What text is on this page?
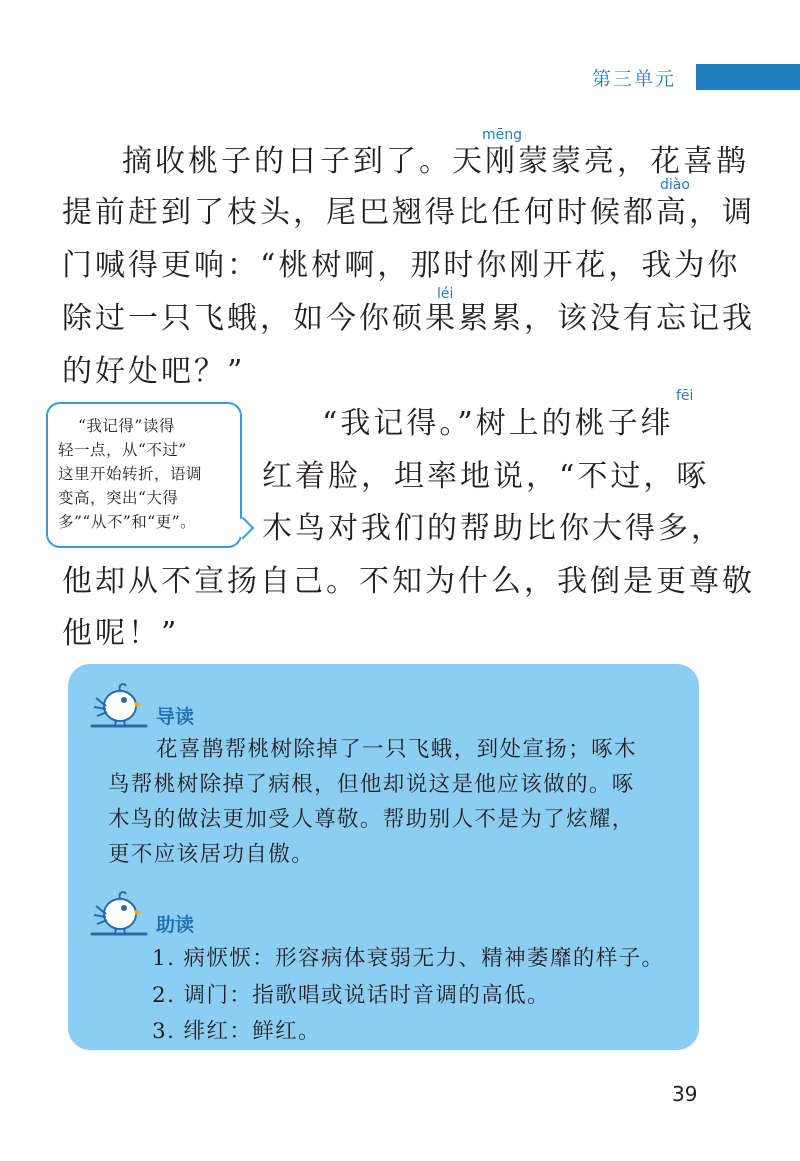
第三单元
mēng
diào
léi
fēi
摘收桃子的日子到了。天刚蒙蒙亮，花喜鹊
提前赶到了枝头，尾巴翘得比任何时候都高，调
门喊得更响：“桃树啊，那时你刚开花，我为你
除过一只飞蛾，如今你硕果累累，该没有忘记我
的好处吧？”
“我记得。”树上的桃子绯
红着脸，坦率地说，“不过，啄
木鸟对我们的帮助比你大得多，
他却从不宣扬自己。不知为什么，我倒是更尊敬
他呢！”
“我记得”读得
轻一点，从“不过”
这里开始转折，语调
变高，突出“大得
多”“从不”和“更”。
导读
花喜鹊帮桃树除掉了一只飞蛾，到处宣扬；啄木
鸟帮桃树除掉了病根，但他却说这是他应该做的。啄
木鸟的做法更加受人尊敬。帮助别人不是为了炫耀，
更不应该居功自傲。
助读
1. 病恹恹：形容病体衰弱无力、精神萎靡的样子。
2. 调门：指歌唱或说话时音调的高低。
3. 绯红：鲜红。
39
